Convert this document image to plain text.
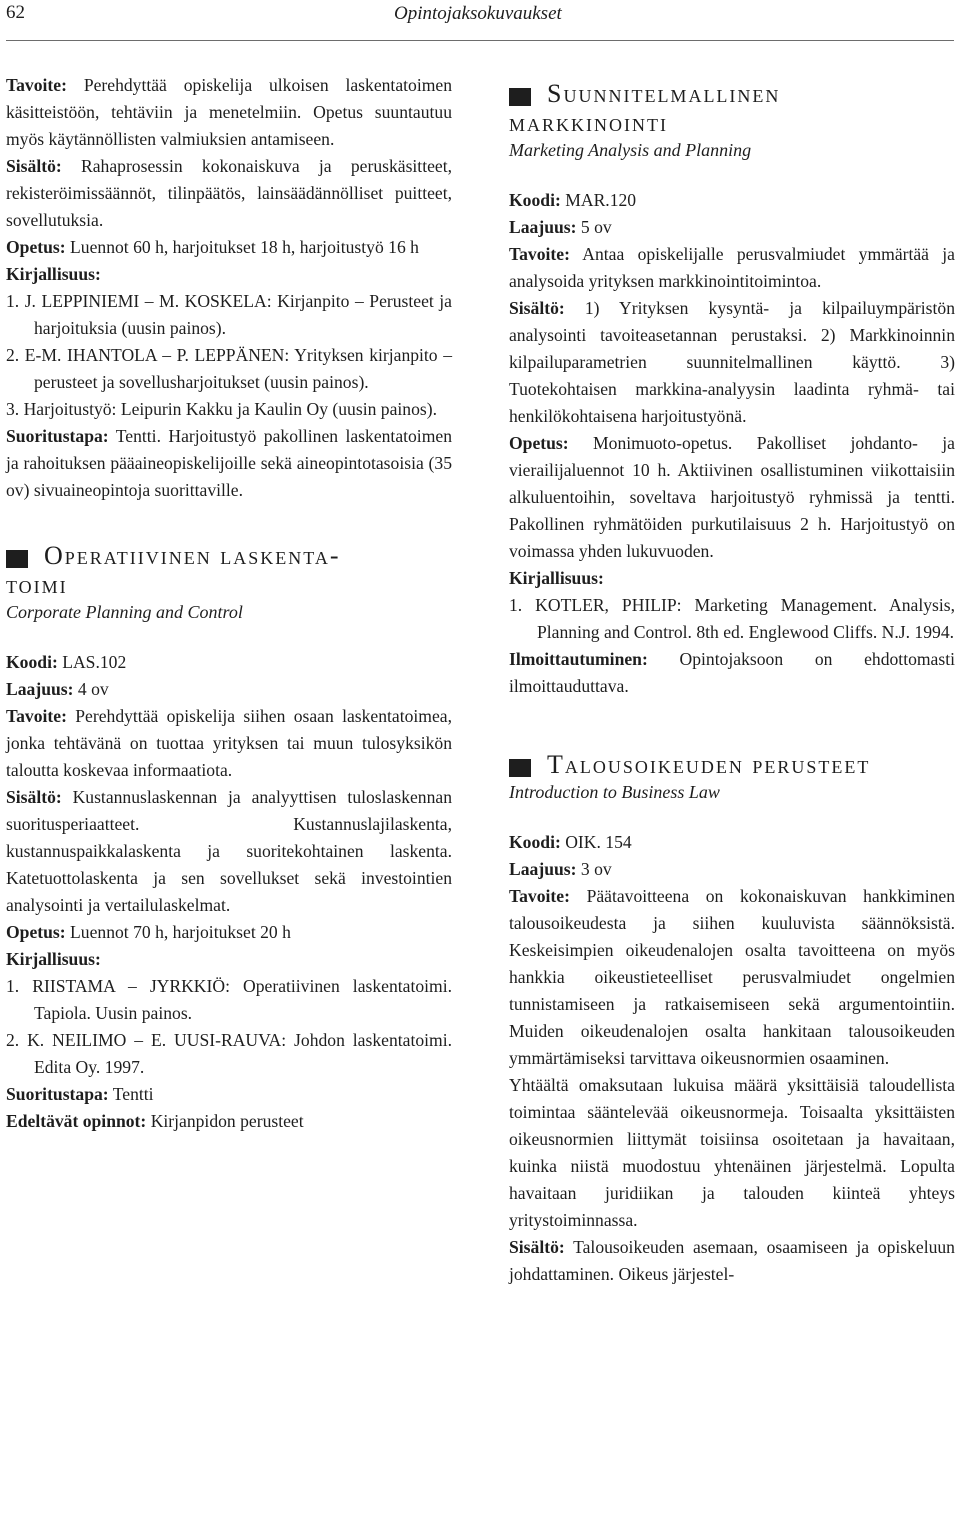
62	Opintojaksokuvaukset

Tavoite: Perehdyttää opiskelija ulkoisen laskentatoimen käsitteistöön, tehtäviin ja menetelmiin. Opetus suuntautuu myös käytännöllisten valmiuksien antamiseen.

Sisältö: Rahaprosessin kokonaiskuva ja peruskäsitteet, rekisteröimissäännöt, tilinpäätös, lainsäädännölliset puitteet, sovellutuksia.

Opetus: Luennot 60 h, harjoitukset 18 h, harjoitustyö 16 h

Kirjallisuus:

1. J. LEPPINIEMI – M. KOSKELA: Kirjanpito – Perusteet ja harjoituksia (uusin painos).

2. E-M. IHANTOLA – P. LEPPÄNEN: Yrityksen kirjanpito – perusteet ja sovellusharjoitukset (uusin painos).

3. Harjoitustyö: Leipurin Kakku ja Kaulin Oy (uusin painos).

Suoritustapa: Tentti. Harjoitustyö pakollinen laskentatoimen ja rahoituksen pääaineopiskelijoille sekä aineopintotasoisia (35 ov) sivuaineopintoja suorittaville.

Operatiivinen laskenta-
toimi

Corporate Planning and Control

Koodi: LAS.102

Laajuus: 4 ov

Tavoite: Perehdyttää opiskelija siihen osaan laskentatoimea, jonka tehtävänä on tuottaa yrityksen tai muun tulosyksikön taloutta koskevaa informaatiota.

Sisältö: Kustannuslaskennan ja analyyttisen tuloslaskennan suoritusperiaatteet. Kustannuslajilaskenta, kustannuspaikkalaskenta ja suoritekohtainen laskenta. Katetuottolaskenta ja sen sovellukset sekä investointien analysointi ja vertailulaskelmat.

Opetus: Luennot 70 h, harjoitukset 20 h

Kirjallisuus:

1. RIISTAMA – JYRKKIÖ: Operatiivinen laskentatoimi. Tapiola. Uusin painos.

2. K. NEILIMO – E. UUSI-RAUVA: Johdon laskentatoimi. Edita Oy. 1997.

Suoritustapa: Tentti

Edeltävät opinnot: Kirjanpidon perusteet

Suunnitelmallinen
markkinointi

Marketing Analysis and Planning

Koodi: MAR.120

Laajuus: 5 ov

Tavoite: Antaa opiskelijalle perusvalmiudet ymmärtää ja analysoida yrityksen markkinointitoimintoa.

Sisältö: 1) Yrityksen kysyntä- ja kilpailuympäristön analysointi tavoiteasetannan perustaksi. 2) Markkinoinnin kilpailuparametrien suunnitelmallinen käyttö. 3) Tuotekohtaisen markkina-analyysin laadinta ryhmä- tai henkilökohtaisena harjoitustyönä.

Opetus: Monimuoto-opetus. Pakolliset johdanto- ja vierailijaluennot 10 h. Aktiivinen osallistuminen viikottaisiin alkuluentoihin, soveltava harjoitustyö ryhmissä ja tentti. Pakollinen ryhmätöiden purkutilaisuus 2 h. Harjoitustyö on voimassa yhden lukuvuoden.

Kirjallisuus:

1. KOTLER, PHILIP: Marketing Management. Analysis, Planning and Control. 8th ed. Englewood Cliffs. N.J. 1994.

Ilmoittautuminen: Opintojaksoon on ehdottomasti ilmoittauduttava.

Talousoikeuden perusteet

Introduction to Business Law

Koodi: OIK. 154

Laajuus: 3 ov

Tavoite: Päätavoitteena on kokonaiskuvan hankkiminen talousoikeudesta ja siihen kuuluvista säännöksistä. Keskeisimpien oikeudenalojen osalta tavoitteena on myös hankkia oikeustieteelliset perusvalmiudet ongelmien tunnistamiseen ja ratkaisemiseen sekä argumentointiin. Muiden oikeudenalojen osalta hankitaan talousoikeuden ymmärtämiseksi tarvittava oikeusnormien osaaminen.

Yhtäältä omaksutaan lukuisa määrä yksittäisiä taloudellista toimintaa sääntelevää oikeusnormeja. Toisaalta yksittäisten oikeusnormien liittymät toisiinsa osoitetaan ja havaitaan, kuinka niistä muodostuu yhtenäinen järjestelmä. Lopulta havaitaan juridiikan ja talouden kiinteä yhteys yritystoiminnassa.

Sisältö: Talousoikeuden asemaan, osaamiseen ja opiskeluun johdattaminen. Oikeus järjestel-
